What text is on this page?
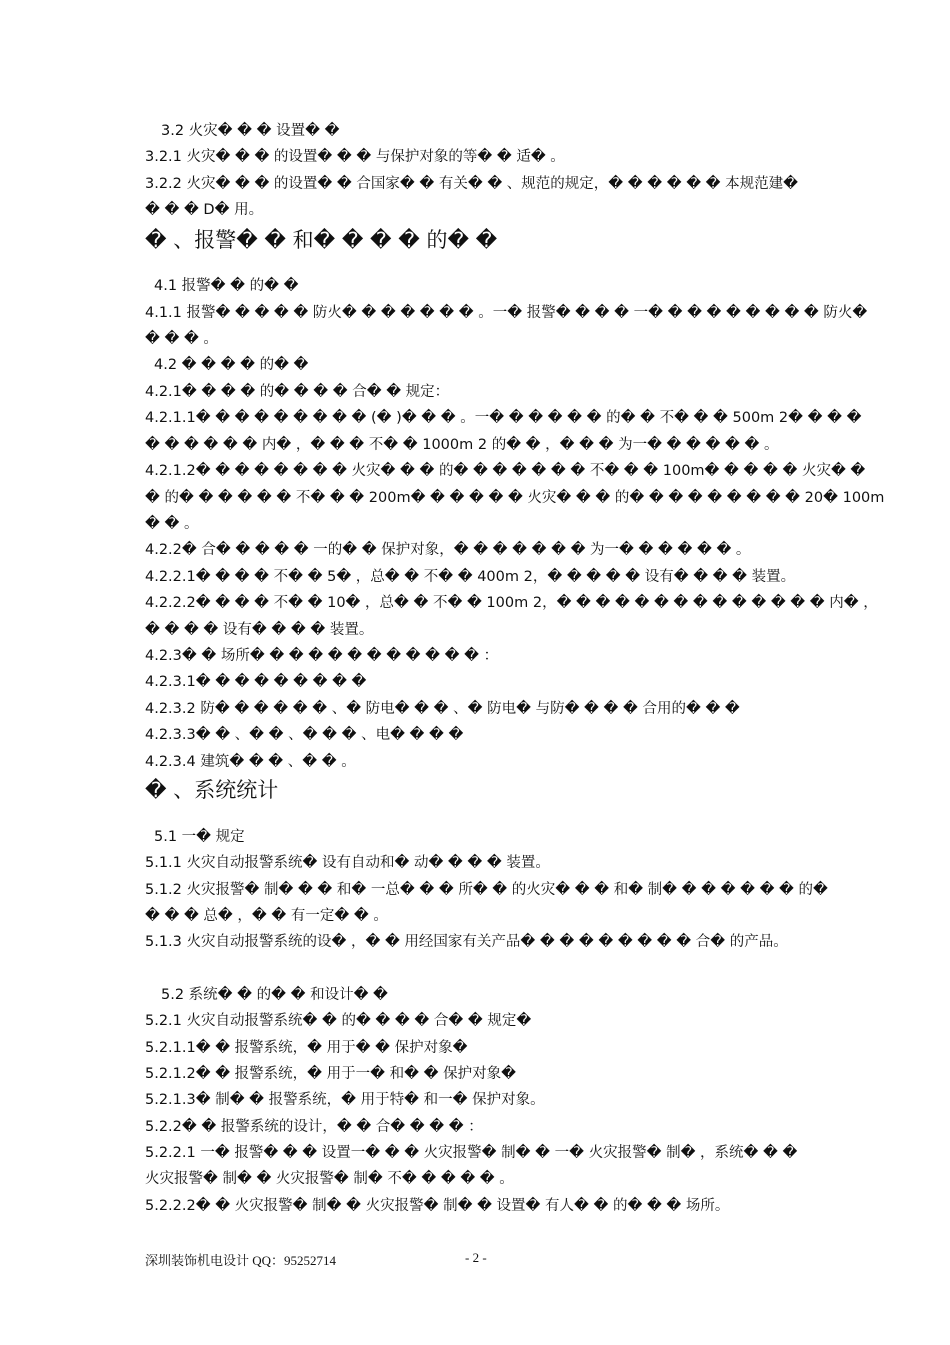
3.2 火灾� � � 设置� �
3.2.1 火灾� � � 的设置� � � 与保护对象的等� � 适� 。
3.2.2 火灾� � � 的设置� � 合国家� � 有关� � 、规范的规定，� � � � � � 本规范建�
� � � D� 用。
� 、报警� � 和� � � � 的� �
4.1 报警� � 的� �
4.1.1 报警� � � � � 防火� � � � � � � 。一� 报警� � � � 一� � � � � � � � � 防火�
� � � 。
4.2 � � � � 的� �
4.2.1� � � � 的� � � � 合� � 规定：
4.2.1.1� � � � � � � � � (� )� � � 。一� � � � � � 的� � 不� � � 500m 2� � � �
� � � � � � 内� ，� � � 不� � 1000m 2 的� � ，� � � 为一� � � � � � 。
4.2.1.2� � � � � � � � 火灾� � � 的� � � � � � � 不� � � 100m� � � � � 火灾� �
� 的� � � � � � 不� � � 200m� � � � � � 火灾� � � 的� � � � � � � � � 20� 100m
� � 。
4.2.2� 合� � � � � 一的� � 保护对象，� � � � � � � 为一� � � � � � 。
4.2.2.1� � � � 不� � 5� ，总� � 不� � 400m 2，� � � � � 设有� � � � 装置。
4.2.2.2� � � � 不� � 10� ，总� � 不� � 100m 2，� � � � � � � � � � � � � � 内� ，
� � � � 设有� � � � 装置。
4.2.3� � 场所� � � � � � � � � � � � ：
4.2.3.1� � � � � � � � �
4.2.3.2 防� � � � � � 、� 防电� � � 、� 防电� 与防� � � � 合用的� � �
4.2.3.3� � 、� � 、� � � 、电� � � �
4.2.3.4 建筑� � � 、� � 。
� 、系统统计
5.1 一� 规定
5.1.1 火灾自动报警系统� 设有自动和� 动� � � � 装置。
5.1.2 火灾报警� 制� � � 和� 一总� � � 所� � 的火灾� � � 和� 制� � � � � � � 的�
� � � 总� ，� � 有一定� � 。
5.1.3 火灾自动报警系统的设� ，� � 用经国家有关产品� � � � � � � � � 合� 的产品。
5.2 系统� � 的� � 和设计� �
5.2.1 火灾自动报警系统� � 的� � � � 合� � 规定�
5.2.1.1� � 报警系统，� 用于� � 保护对象�
5.2.1.2� � 报警系统，� 用于一� 和� � 保护对象�
5.2.1.3� 制� � 报警系统，� 用于特� 和一� 保护对象。
5.2.2� � 报警系统的设计，� � 合� � � � ：
5.2.2.1 一� 报警� � � 设置一� � � 火灾报警� 制� � 一� 火灾报警� 制� ，系统� � �
火灾报警� 制� � 火灾报警� 制� 不� � � � � 。
5.2.2.2� � 火灾报警� 制� � 火灾报警� 制� � 设置� 有人� � 的� � � 场所。
深圳装饰机电设计 QQ：95252714	- 2 -
